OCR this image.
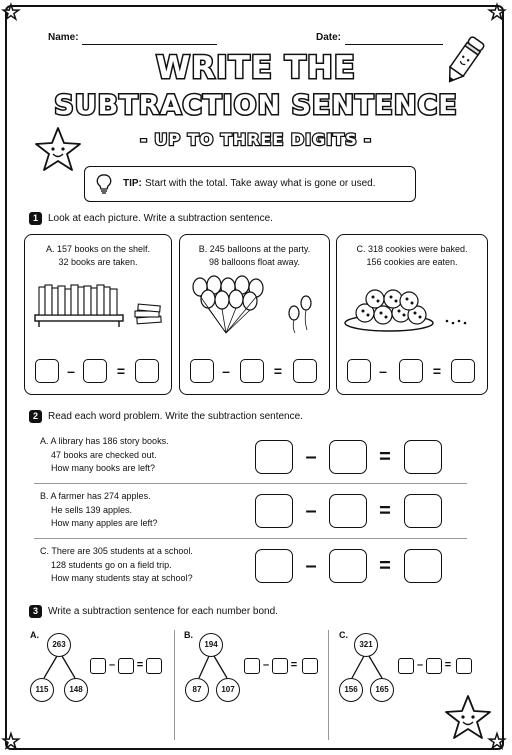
★	★
★	★
Name:	Date:
WRITE THE
SUBTRACTION SENTENCE
- UP TO THREE DIGITS -
TIP: Start with the total. Take away what is gone or used.
1	Look at each picture. Write a subtraction sentence.
A. 157 books on the shelf.
32 books are taken.
–	=
B. 245 balloons at the party.
98 balloons float away.
–	=
C. 318 cookies were baked.
156 cookies are eaten.
–	=
2	Read each word problem. Write the subtraction sentence.
A. A library has 186 story books.
47 books are checked out.
How many books are left?	–	=
B. A farmer has 274 apples.
He sells 139 apples.
How many apples are left?
–	=
C. There are 305 students at a school.
128 students go on a field trip.
How many students stay at school?
–	=
3	Write a subtraction sentence for each number bond.
A.
263
115	148
– =
B.
194
87	107
– =
C.
321
156	165
– =
